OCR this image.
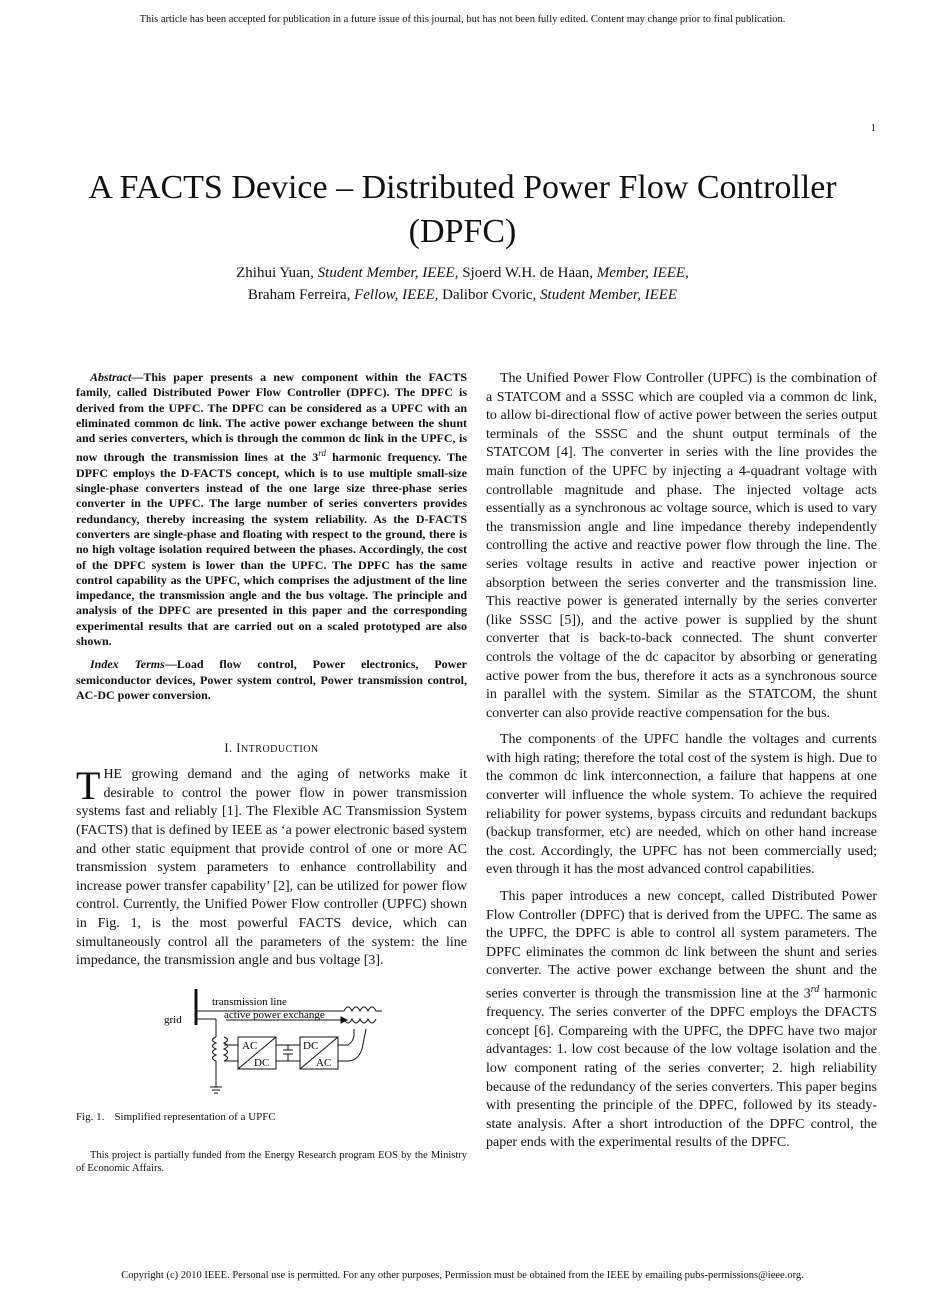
This article has been accepted for publication in a future issue of this journal, but has not been fully edited. Content may change prior to final publication.
1
A FACTS Device – Distributed Power Flow Controller (DPFC)
Zhihui Yuan, Student Member, IEEE, Sjoerd W.H. de Haan, Member, IEEE,
Braham Ferreira, Fellow, IEEE, Dalibor Cvoric, Student Member, IEEE

Abstract—This paper presents a new component within the FACTS family, called Distributed Power Flow Controller (DPFC). The DPFC is derived from the UPFC. The DPFC can be considered as a UPFC with an eliminated common dc link. The active power exchange between the shunt and series converters, which is through the common dc link in the UPFC, is now through the transmission lines at the 3rd harmonic frequency. The DPFC employs the D-FACTS concept, which is to use multiple small-size single-phase converters instead of the one large size three-phase series converter in the UPFC. The large number of series converters provides redundancy, thereby increasing the system reliability. As the D-FACTS converters are single-phase and floating with respect to the ground, there is no high voltage isolation required between the phases. Accordingly, the cost of the DPFC system is lower than the UPFC. The DPFC has the same control capability as the UPFC, which comprises the adjustment of the line impedance, the transmission angle and the bus voltage. The principle and analysis of the DPFC are presented in this paper and the corresponding experimental results that are carried out on a scaled prototyped are also shown.

Index Terms—Load flow control, Power electronics, Power semiconductor devices, Power system control, Power transmission control, AC-DC power conversion.

I. INTRODUCTION

THE growing demand and the aging of networks make it desirable to control the power flow in power transmission systems fast and reliably [1]. The Flexible AC Transmission System (FACTS) that is defined by IEEE as ‘a power electronic based system and other static equipment that provide control of one or more AC transmission system parameters to enhance controllability and increase power transfer capability’ [2], can be utilized for power flow control. Currently, the Unified Power Flow controller (UPFC) shown in Fig. 1, is the most powerful FACTS device, which can simultaneously control all the parameters of the system: the line impedance, the transmission angle and bus voltage [3].

transmission line
grid	active power exchange
AC
DC
DC
AC
Fig. 1. Simplified representation of a UPFC
This project is partially funded from the Energy Research program EOS by the Ministry of Economic Affairs.

The Unified Power Flow Controller (UPFC) is the combination of a STATCOM and a SSSC which are coupled via a common dc link, to allow bi-directional flow of active power between the series output terminals of the SSSC and the shunt output terminals of the STATCOM [4]. The converter in series with the line provides the main function of the UPFC by injecting a 4-quadrant voltage with controllable magnitude and phase. The injected voltage acts essentially as a synchronous ac voltage source, which is used to vary the transmission angle and line impedance thereby independently controlling the active and reactive power flow through the line. The series voltage results in active and reactive power injection or absorption between the series converter and the transmission line. This reactive power is generated internally by the series converter (like SSSC [5]), and the active power is supplied by the shunt converter that is back-to-back connected. The shunt converter controls the voltage of the dc capacitor by absorbing or generating active power from the bus, therefore it acts as a synchronous source in parallel with the system. Similar as the STATCOM, the shunt converter can also provide reactive compensation for the bus.

The components of the UPFC handle the voltages and currents with high rating; therefore the total cost of the system is high. Due to the common dc link interconnection, a failure that happens at one converter will influence the whole system. To achieve the required reliability for power systems, bypass circuits and redundant backups (backup transformer, etc) are needed, which on other hand increase the cost. Accordingly, the UPFC has not been commercially used; even through it has the most advanced control capabilities.

This paper introduces a new concept, called Distributed Power Flow Controller (DPFC) that is derived from the UPFC. The same as the UPFC, the DPFC is able to control all system parameters. The DPFC eliminates the common dc link between the shunt and series converter. The active power exchange between the shunt and the series converter is through the transmission line at the 3rd harmonic frequency. The series converter of the DPFC employs the DFACTS concept [6]. Compareing with the UPFC, the DPFC have two major advantages: 1. low cost because of the low voltage isolation and the low component rating of the series converter; 2. high reliability because of the redundancy of the series converters. This paper begins with presenting the principle of the DPFC, followed by its steady-state analysis. After a short introduction of the DPFC control, the paper ends with the experimental results of the DPFC.

Copyright (c) 2010 IEEE. Personal use is permitted. For any other purposes, Permission must be obtained from the IEEE by emailing pubs-permissions@ieee.org.
